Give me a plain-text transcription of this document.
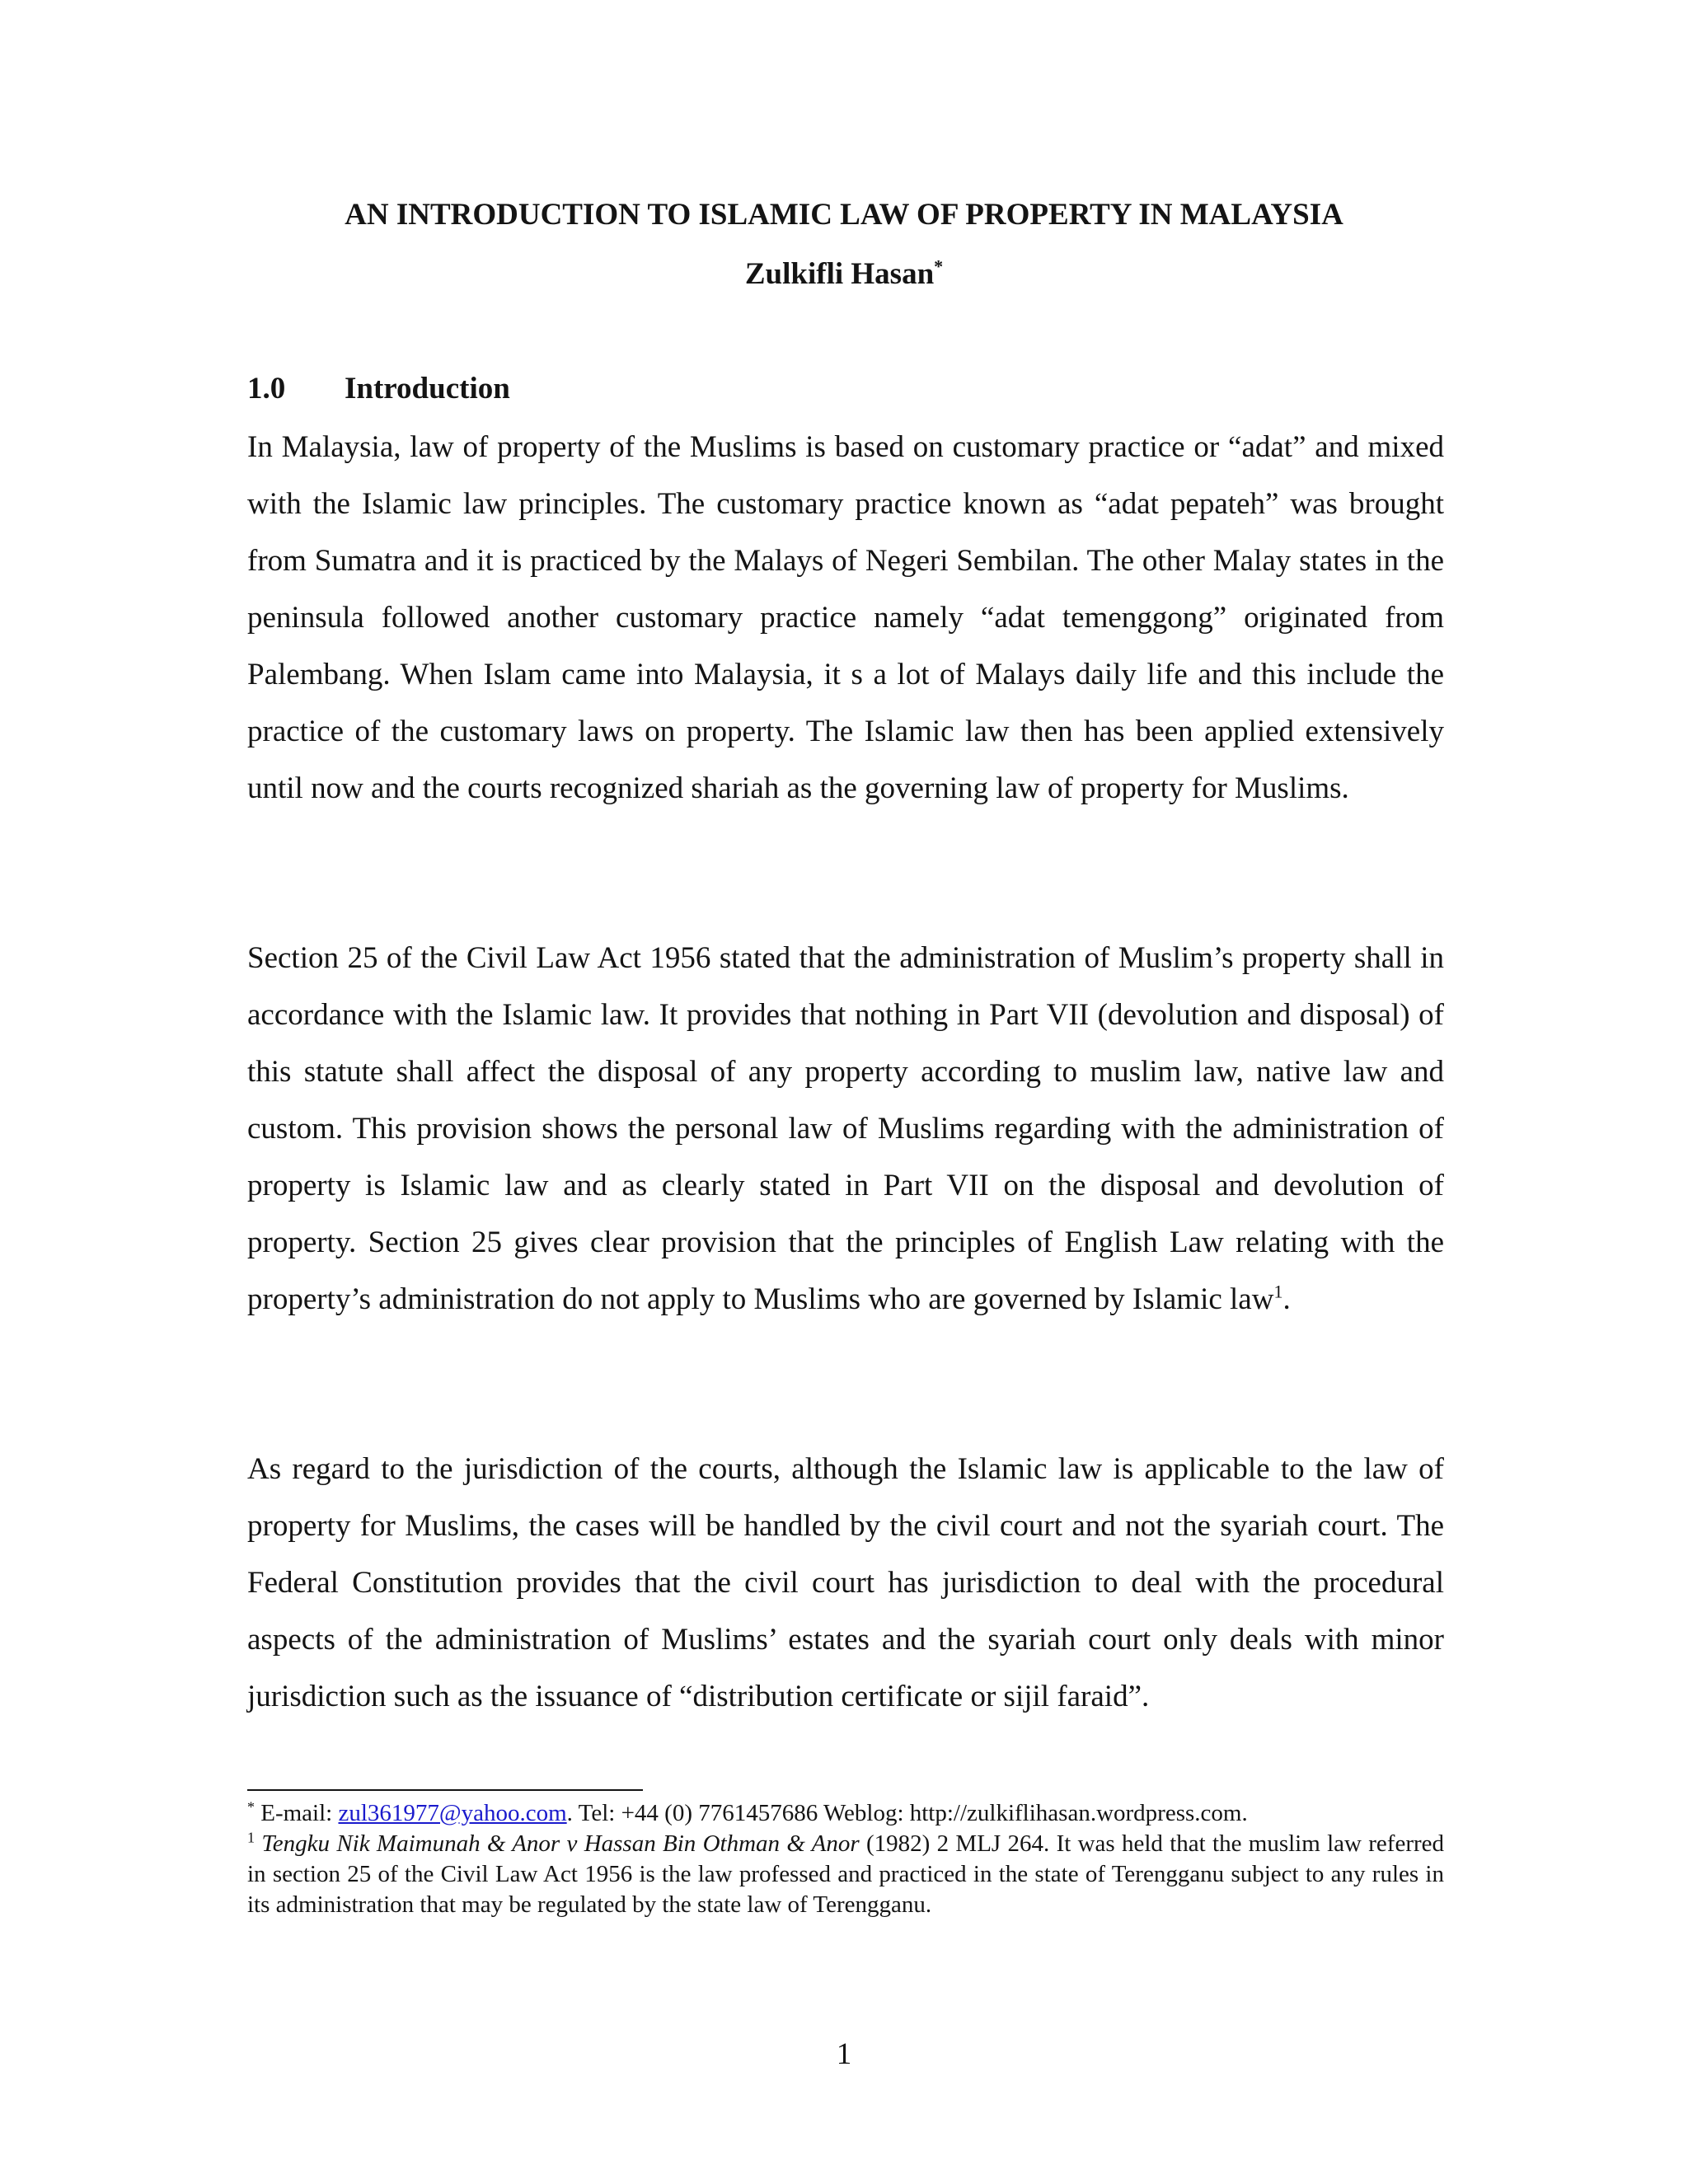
AN INTRODUCTION TO ISLAMIC LAW OF PROPERTY IN MALAYSIA

Zulkifli Hasan*

1.0 Introduction

In Malaysia, law of property of the Muslims is based on customary practice or “adat” and mixed with the Islamic law principles. The customary practice known as “adat pepateh” was brought from Sumatra and it is practiced by the Malays of Negeri Sembilan. The other Malay states in the peninsula followed another customary practice namely “adat temenggong” originated from Palembang. When Islam came into Malaysia, it s a lot of Malays daily life and this include the practice of the customary laws on property. The Islamic law then has been applied extensively until now and the courts recognized shariah as the governing law of property for Muslims.

Section 25 of the Civil Law Act 1956 stated that the administration of Muslim’s property shall in accordance with the Islamic law. It provides that nothing in Part VII (devolution and disposal) of this statute shall affect the disposal of any property according to muslim law, native law and custom. This provision shows the personal law of Muslims regarding with the administration of property is Islamic law and as clearly stated in Part VII on the disposal and devolution of property. Section 25 gives clear provision that the principles of English Law relating with the property’s administration do not apply to Muslims who are governed by Islamic law$^1$.

As regard to the jurisdiction of the courts, although the Islamic law is applicable to the law of property for Muslims, the cases will be handled by the civil court and not the syariah court. The Federal Constitution provides that the civil court has jurisdiction to deal with the procedural aspects of the administration of Muslims’ estates and the syariah court only deals with minor jurisdiction such as the issuance of “distribution certificate or sijil faraid”.

* E-mail: zul361977@yahoo.com. Tel: +44 (0) 7761457686 Weblog: http://zulkiflihasan.wordpress.com.

$^1$ Tengku Nik Maimunah & Anor v Hassan Bin Othman & Anor (1982) 2 MLJ 264. It was held that the muslim law referred in section 25 of the Civil Law Act 1956 is the law professed and practiced in the state of Terengganu subject to any rules in its administration that may be regulated by the state law of Terengganu.

1
